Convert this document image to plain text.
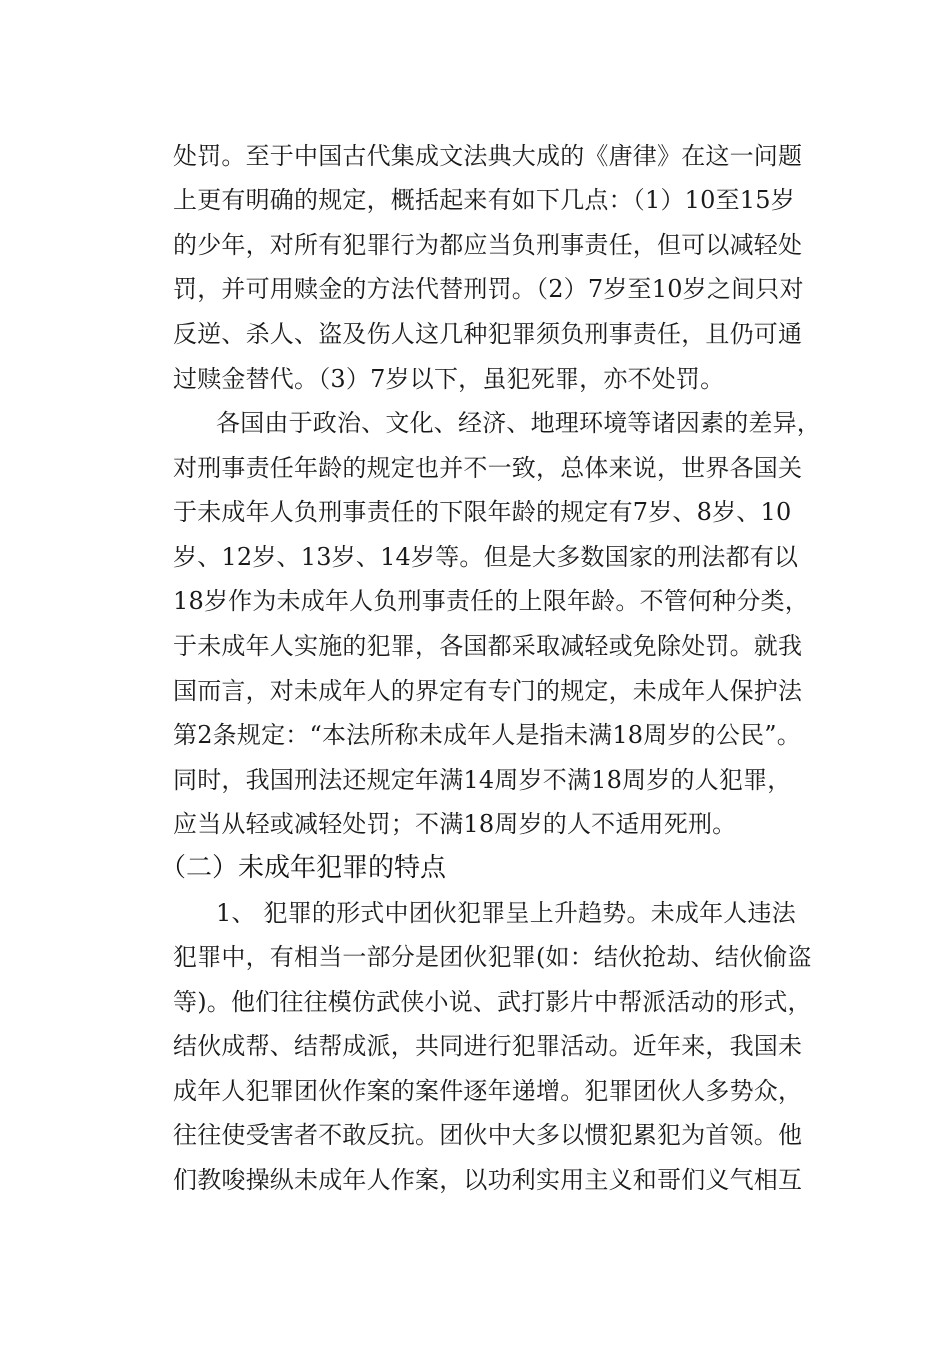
处罚。至于中国古代集成文法典大成的《唐律》在这一问题
上更有明确的规定，概括起来有如下几点：（1）10至15岁
的少年，对所有犯罪行为都应当负刑事责任，但可以减轻处
罚，并可用赎金的方法代替刑罚。（2）7岁至10岁之间只对
反逆、杀人、盗及伤人这几种犯罪须负刑事责任，且仍可通
过赎金替代。（3）7岁以下，虽犯死罪，亦不处罚。
各国由于政治、文化、经济、地理环境等诸因素的差异，
对刑事责任年龄的规定也并不一致，总体来说，世界各国关
于未成年人负刑事责任的下限年龄的规定有7岁、8岁、10
岁、12岁、13岁、14岁等。但是大多数国家的刑法都有以
18岁作为未成年人负刑事责任的上限年龄。不管何种分类，
于未成年人实施的犯罪，各国都采取减轻或免除处罚。就我
国而言，对未成年人的界定有专门的规定，未成年人保护法
第2条规定：“本法所称未成年人是指未满18周岁的公民”。
同时，我国刑法还规定年满14周岁不满18周岁的人犯罪，
应当从轻或减轻处罚；不满18周岁的人不适用死刑。
（二）未成年犯罪的特点
1、 犯罪的形式中团伙犯罪呈上升趋势。未成年人违法
犯罪中，有相当一部分是团伙犯罪(如：结伙抢劫、结伙偷盗
等)。他们往往模仿武侠小说、武打影片中帮派活动的形式，
结伙成帮、结帮成派，共同进行犯罪活动。近年来，我国未
成年人犯罪团伙作案的案件逐年递增。犯罪团伙人多势众，
往往使受害者不敢反抗。团伙中大多以惯犯累犯为首领。他
们教唆操纵未成年人作案，以功利实用主义和哥们义气相互
